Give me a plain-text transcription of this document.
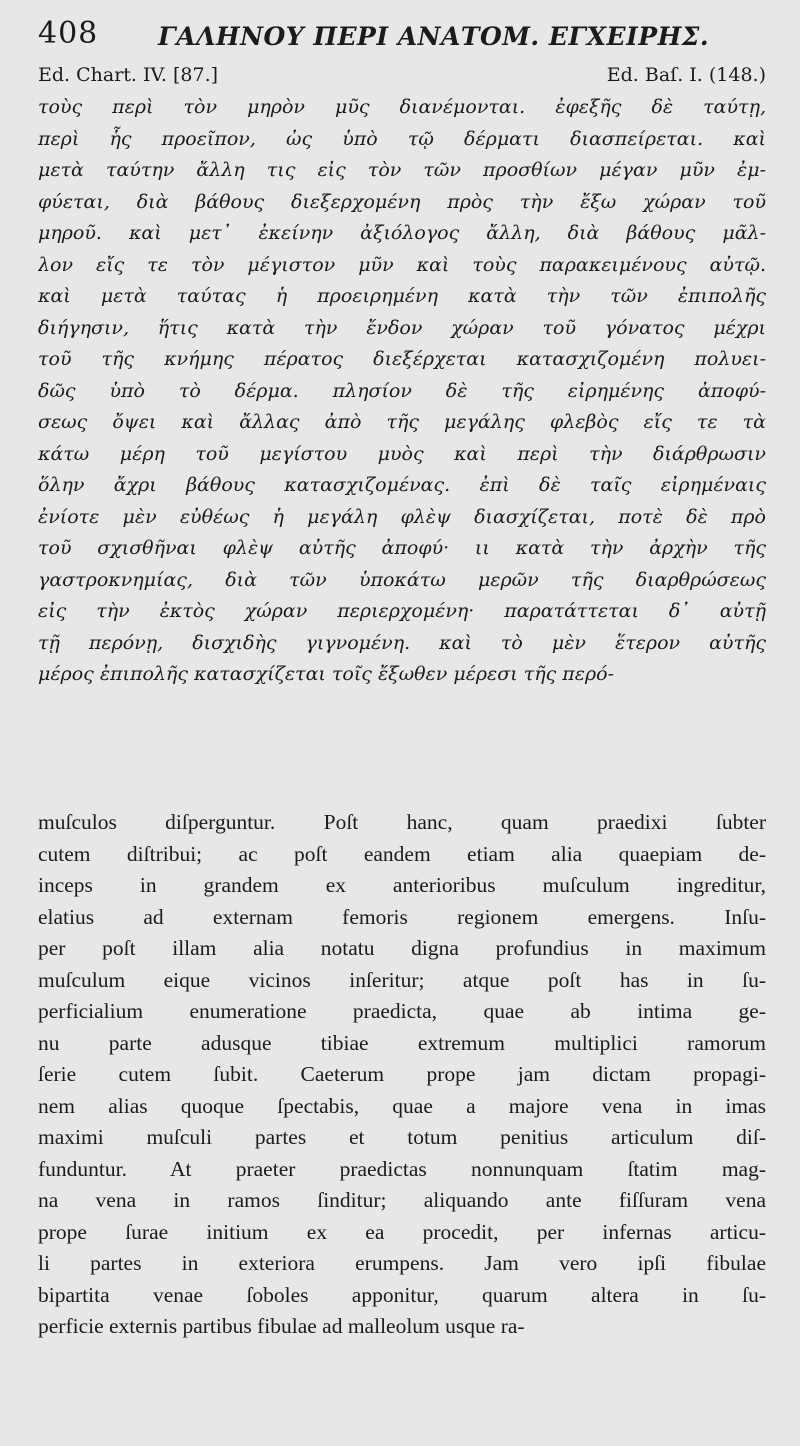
408 ΓΑΛΗΝΟΥ ΠΕΡΙ ΑΝΑΤΟΜ. ΕΓΧΕΙΡΗΣ.
Ed. Chart. IV. [87.]	Ed. Baſ. I. (148.)
τοὺς περὶ τὸν μηρὸν μῦς διανέμονται. ἐφεξῆς δὲ ταύτῃ,
περὶ ἧς προεῖπον, ὡς ὑπὸ τῷ δέρματι διασπείρεται. καὶ
μετὰ ταύτην ἄλλη τις εἰς τὸν τῶν προσθίων μέγαν μῦν ἐμ-
φύεται, διὰ βάθους διεξερχομένη πρὸς τὴν ἔξω χώραν τοῦ
μηροῦ. καὶ μετ᾽ ἐκείνην ἀξιόλογος ἄλλη, διὰ βάθους μᾶλ-
λον εἴς τε τὸν μέγιστον μῦν καὶ τοὺς παρακειμένους αὐτῷ.
καὶ μετὰ ταύτας ἡ προειρημένη κατὰ τὴν τῶν ἐπιπολῆς
διήγησιν, ἥτις κατὰ τὴν ἔνδον χώραν τοῦ γόνατος μέχρι
τοῦ τῆς κνήμης πέρατος διεξέρχεται κατασχιζομένη πολυει-
δῶς ὑπὸ τὸ δέρμα. πλησίον δὲ τῆς εἰρημένης ἀποφύ-
σεως ὄψει καὶ ἄλλας ἀπὸ τῆς μεγάλης φλεβὸς εἴς τε τὰ
κάτω μέρη τοῦ μεγίστου μυὸς καὶ περὶ τὴν διάρθρωσιν
ὅλην ἄχρι βάθους κατασχιζομένας. ἐπὶ δὲ ταῖς εἰρημέναις
ἐνίοτε μὲν εὐθέως ἡ μεγάλη φλὲψ διασχίζεται, ποτὲ δὲ πρὸ
τοῦ σχισθῆναι φλὲψ αὐτῆς ἀποφύ· ιι κατὰ τὴν ἀρχὴν τῆς
γαστροκνημίας, διὰ τῶν ὑποκάτω μερῶν τῆς διαρθρώσεως
εἰς τὴν ἐκτὸς χώραν περιερχομένη· παρατάττεται δ᾽ αὐτῇ
τῇ περόνῃ, δισχιδὴς γιγνομένη. καὶ τὸ μὲν ἕτερον αὐτῆς
μέρος ἐπιπολῆς κατασχίζεται τοῖς ἔξωθεν μέρεσι τῆς περό-
muſculos diſperguntur. Poſt hanc, quam praedixi ſubter
cutem diſtribui; ac poſt eandem etiam alia quaepiam de-
inceps in grandem ex anterioribus muſculum ingreditur,
elatius ad externam femoris regionem emergens. Inſu-
per poſt illam alia notatu digna profundius in maximum
muſculum eique vicinos inſeritur; atque poſt has in ſu-
perficialium enumeratione praedicta, quae ab intima ge-
nu parte adusque tibiae extremum multiplici ramorum
ſerie cutem ſubit. Caeterum prope jam dictam propagi-
nem alias quoque ſpectabis, quae a majore vena in imas
maximi muſculi partes et totum penitius articulum diſ-
funduntur. At praeter praedictas nonnunquam ſtatim mag-
na vena in ramos ſinditur; aliquando ante fiſſuram vena
prope ſurae initium ex ea procedit, per infernas articu-
li partes in exteriora erumpens. Jam vero ipſi fibulae
bipartita venae ſoboles apponitur, quarum altera in ſu-
perficie externis partibus fibulae ad malleolum usque ra-
